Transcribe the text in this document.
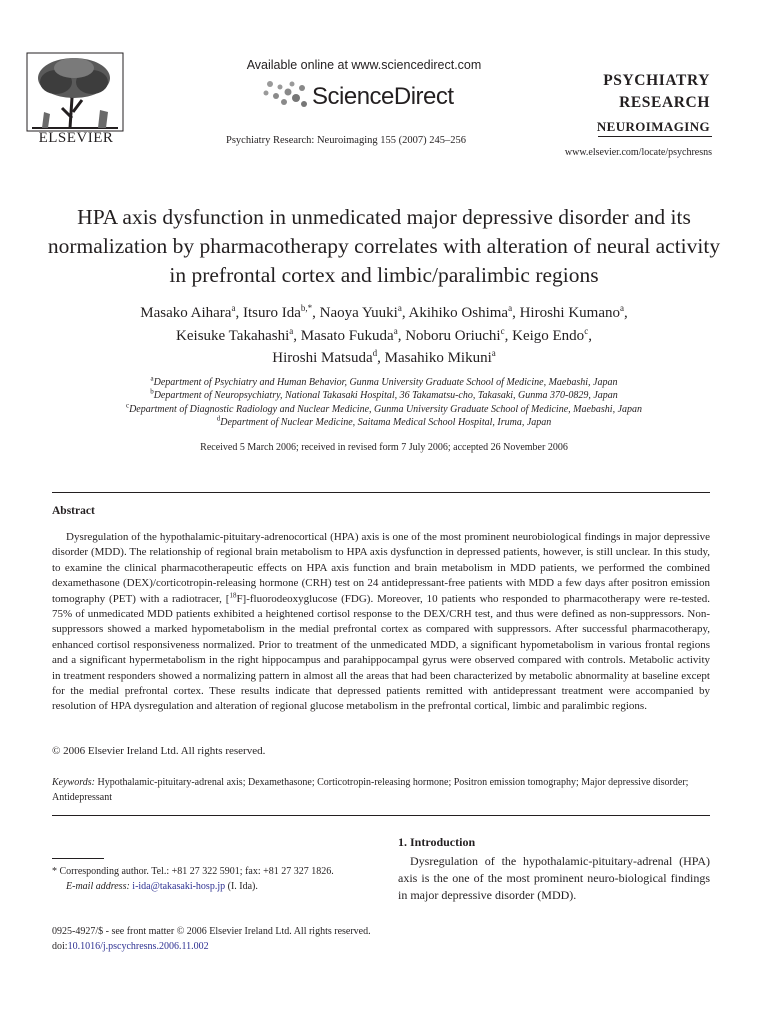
ELSEVIER
Available online at www.sciencedirect.com
ScienceDirect
Psychiatry Research: Neuroimaging 155 (2007) 245–256
PSYCHIATRY
RESEARCH
NEUROIMAGING
www.elsevier.com/locate/psychresns
HPA axis dysfunction in unmedicated major depressive disorder and its normalization by pharmacotherapy correlates with alteration of neural activity in prefrontal cortex and limbic/paralimbic regions
Masako Aihara$^a$, Itsuro Ida$^{b,*}$, Naoya Yuuki$^a$, Akihiko Oshima$^a$, Hiroshi Kumano$^a$,
Keisuke Takahashi$^a$, Masato Fukuda$^a$, Noboru Oriuchi$^c$, Keigo Endo$^c$,
Hiroshi Matsuda$^d$, Masahiko Mikuni$^a$
$^a$Department of Psychiatry and Human Behavior, Gunma University Graduate School of Medicine, Maebashi, Japan
$^b$Department of Neuropsychiatry, National Takasaki Hospital, 36 Takamatsu-cho, Takasaki, Gunma 370-0829, Japan
$^c$Department of Diagnostic Radiology and Nuclear Medicine, Gunma University Graduate School of Medicine, Maebashi, Japan
$^d$Department of Nuclear Medicine, Saitama Medical School Hospital, Iruma, Japan
Received 5 March 2006; received in revised form 7 July 2006; accepted 26 November 2006
Abstract

Dysregulation of the hypothalamic-pituitary-adrenocortical (HPA) axis is one of the most prominent neurobiological findings in major depressive disorder (MDD). The relationship of regional brain metabolism to HPA axis dysfunction in depressed patients, however, is still unclear. In this study, to examine the clinical pharmacotherapeutic effects on HPA axis function and brain metabolism in MDD patients, we performed the combined dexamethasone (DEX)/corticotropin-releasing hormone (CRH) test on 24 antidepressant-free patients with MDD a few days after positron emission tomography (PET) with a radiotracer, [$^{18}$F]-fluorodeoxyglucose (FDG). Moreover, 10 patients who responded to pharmacotherapy were re-tested. 75% of unmedicated MDD patients exhibited a heightened cortisol response to the DEX/CRH test, and thus were defined as non-suppressors. Non-suppressors showed a marked hypometabolism in the medial prefrontal cortex as compared with suppressors. After successful pharmacotherapy, enhanced cortisol responsiveness normalized. Prior to treatment of the unmedicated MDD, a significant hypometabolism in various frontal regions and a significant hypermetabolism in the right hippocampus and parahippocampal gyrus were observed compared with controls. Metabolic activity in treatment responders showed a normalizing pattern in almost all the areas that had been characterized by metabolic abnormality at baseline except for the medial prefrontal cortex. These results indicate that depressed patients remitted with antidepressant treatment were accompanied by resolution of HPA dysregulation and alteration of regional glucose metabolism in the prefrontal cortical, limbic and paralimbic regions.

© 2006 Elsevier Ireland Ltd. All rights reserved.
Keywords: Hypothalamic-pituitary-adrenal axis; Dexamethasone; Corticotropin-releasing hormone; Positron emission tomography; Major depressive disorder; Antidepressant
1. Introduction

Dysregulation of the hypothalamic-pituitary-adrenal (HPA) axis is the one of the most prominent neuro-biological findings in major depressive disorder (MDD).

* Corresponding author. Tel.: +81 27 322 5901; fax: +81 27 327 1826.
E-mail address: i-ida@takasaki-hosp.jp (I. Ida).
0925-4927/$ - see front matter © 2006 Elsevier Ireland Ltd. All rights reserved.
doi:10.1016/j.pscychresns.2006.11.002
